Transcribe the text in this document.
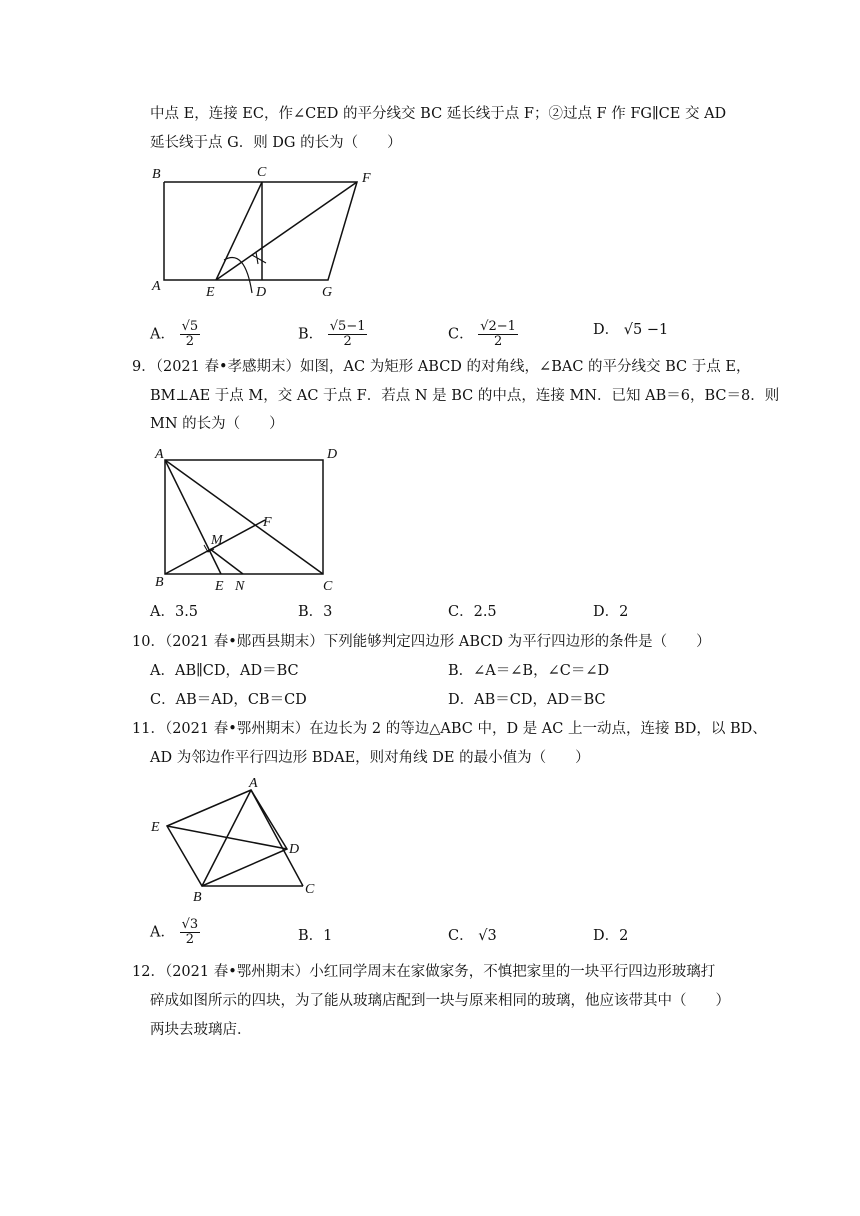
中点 E，连接 EC，作∠CED 的平分线交 BC 延长线于点 F；②过点 F 作 FG∥CE 交 AD
延长线于点 G．则 DG 的长为（　　）
B	C	F
A	E	D	G
A． $\frac{√5}{2}$	B． $\frac{√5-1}{2}$	C． $\frac{√2-1}{2}$	D． √5 −1
9．（2021 春•孝感期末）如图，AC 为矩形 ABCD 的对角线，∠BAC 的平分线交 BC 于点 E，
BM⊥AE 于点 M，交 AC 于点 F．若点 N 是 BC 的中点，连接 MN．已知 AB＝6，BC＝8．则
MN 的长为（　　）
A	D
F
M
B	E N	C
A．3.5	B．3	C．2.5	D．2
10．（2021 春•郧西县期末）下列能够判定四边形 ABCD 为平行四边形的条件是（　　）
A．AB∥CD，AD＝BC	B．∠A＝∠B，∠C＝∠D
C．AB＝AD，CB＝CD	D．AB＝CD，AD＝BC
11．（2021 春•鄂州期末）在边长为 2 的等边△ABC 中，D 是 AC 上一动点，连接 BD，以 BD、
AD 为邻边作平行四边形 BDAE，则对角线 DE 的最小值为（　　）
A
E
D
B
C
A． $\frac{√3}{2}$	B．1	C． √3	D．2
12．（2021 春•鄂州期末）小红同学周末在家做家务，不慎把家里的一块平行四边形玻璃打
碎成如图所示的四块，为了能从玻璃店配到一块与原来相同的玻璃，他应该带其中（　　）
两块去玻璃店．
